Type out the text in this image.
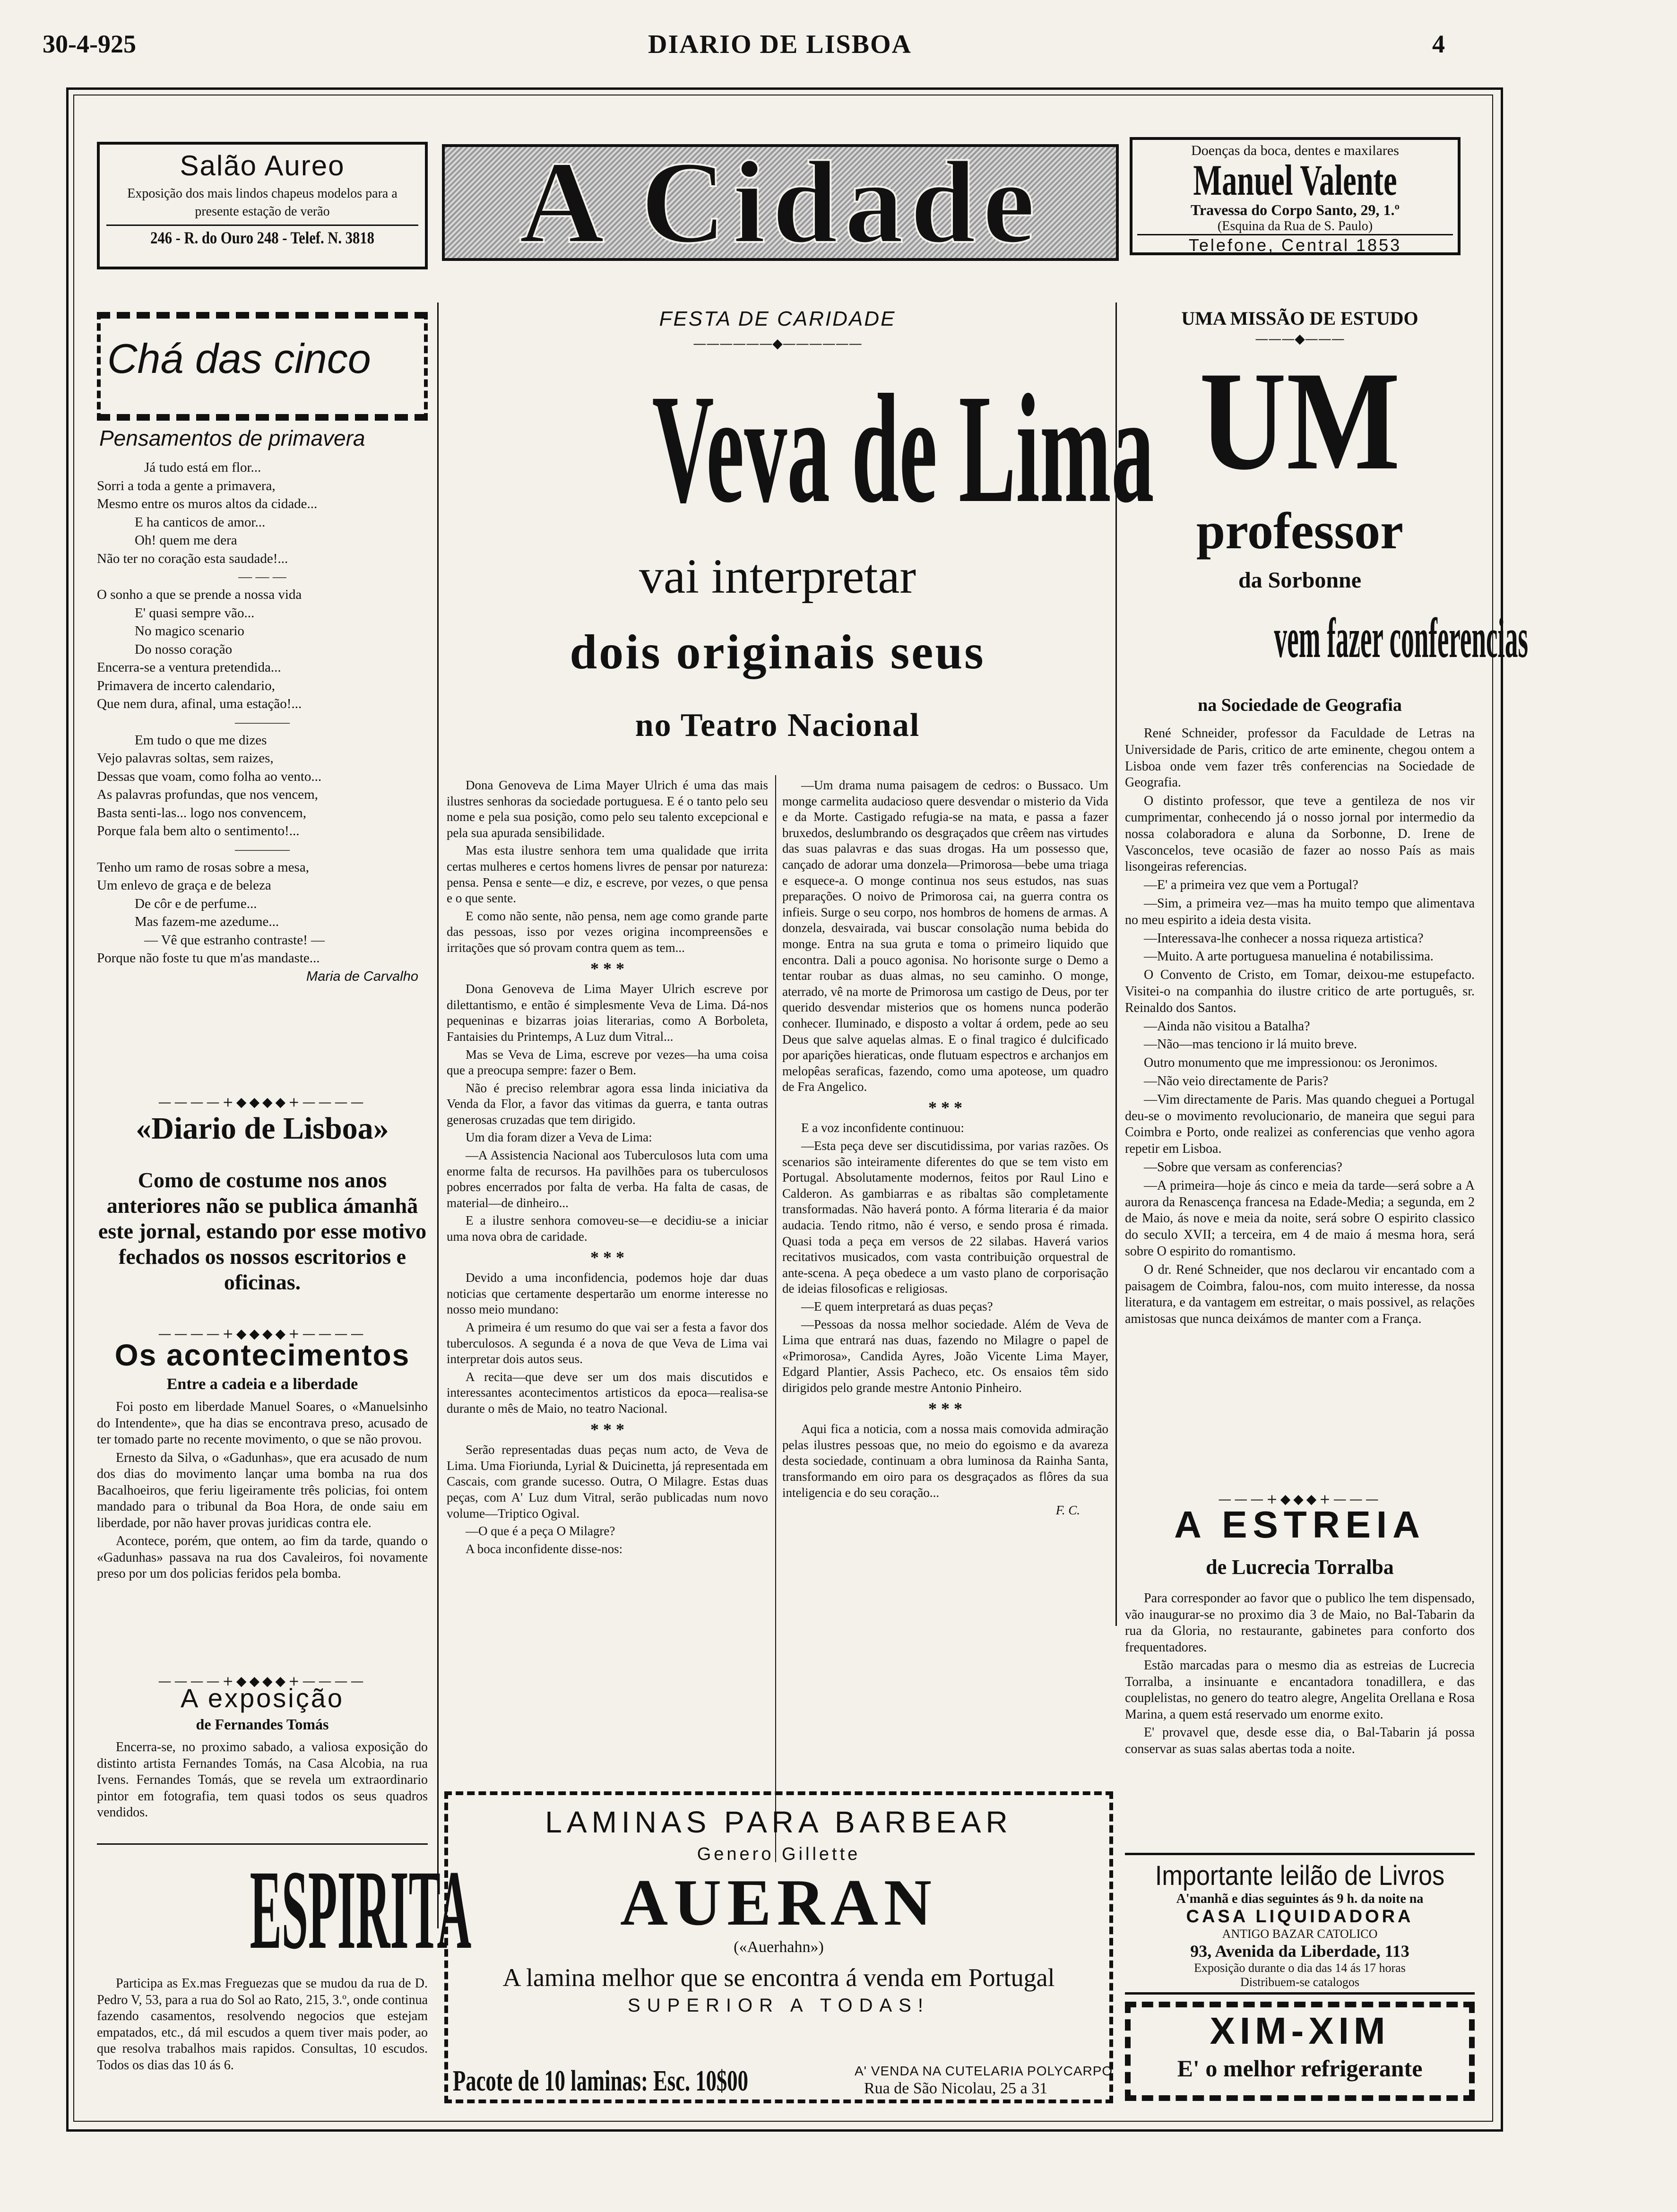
30-4-925	DIARIO DE LISBOA	4
Salão Aureo
Exposição dos mais lindos chapeus modelos para a presente estação de verão
246 - R. do Ouro 248 - Telef. N. 3818	A Cidade	Doenças da boca, dentes e maxilares
Manuel Valente
Travessa do Corpo Santo, 29, 1.º
(Esquina da Rua de S. Paulo)
Telefone, Central 1853
Chá das cinco
Pensamentos de primavera
Já tudo está em flor...
Sorri a toda a gente a primavera,
Mesmo entre os muros altos da cidade...
E ha canticos de amor...
Oh! quem me dera
Não ter no coração esta saudade!...
— — —
O sonho a que se prende a nossa vida
E' quasi sempre vão...
No magico scenario
Do nosso coração
Encerra-se a ventura pretendida...
Primavera de incerto calendario,
Que nem dura, afinal, uma estação!...
————
Em tudo o que me dizes
Vejo palavras soltas, sem raizes,
Dessas que voam, como folha ao vento...
As palavras profundas, que nos vencem,
Basta senti-las... logo nos convencem,
Porque fala bem alto o sentimento!...
————
Tenho um ramo de rosas sobre a mesa,
Um enlevo de graça e de beleza
De côr e de perfume...
Mas fazem-me azedume...
— Vê que estranho contraste! —
Porque não foste tu que m'as mandaste...
Maria de Carvalho
————+◆◆◆◆+————
«Diario de Lisboa»
Como de costume nos anos anteriores não se publica ámanhã este jornal, estando por esse motivo fechados os nossos escritorios e oficinas.
————+◆◆◆◆+————
Os acontecimentos
Entre a cadeia e a liberdade

Foi posto em liberdade Manuel Soares, o «Manuelsinho do Intendente», que ha dias se encontrava preso, acusado de ter tomado parte no recente movimento, o que se não provou.

Ernesto da Silva, o «Gadunhas», que era acusado de num dos dias do movimento lançar uma bomba na rua dos Bacalhoeiros, que feriu ligeiramente três policias, foi ontem mandado para o tribunal da Boa Hora, de onde saiu em liberdade, por não haver provas juridicas contra ele.

Acontece, porém, que ontem, ao fim da tarde, quando o «Gadunhas» passava na rua dos Cavaleiros, foi novamente preso por um dos policias feridos pela bomba.

————+◆◆◆◆+————
A exposição
de Fernandes Tomás

Encerra-se, no proximo sabado, a valiosa exposição do distinto artista Fernandes Tomás, na Casa Alcobia, na rua Ivens. Fernandes Tomás, que se revela um extraordinario pintor em fotografia, tem quasi todos os seus quadros vendidos.

ESPIRITA

Participa as Ex.mas Freguezas que se mudou da rua de D. Pedro V, 53, para a rua do Sol ao Rato, 215, 3.º, onde continua fazendo casamentos, resolvendo negocios que estejam empatados, etc., dá mil escudos a quem tiver mais poder, ao que resolva trabalhos mais rapidos. Consultas, 10 escudos. Todos os dias das 10 ás 6.

FESTA DE CARIDADE
——————◆——————
Veva de Lima
vai interpretar
dois originais seus
no Teatro Nacional

Dona Genoveva de Lima Mayer Ulrich é uma das mais ilustres senhoras da sociedade portuguesa. E é o tanto pelo seu nome e pela sua posição, como pelo seu talento excepcional e pela sua apurada sensibilidade.

Mas esta ilustre senhora tem uma qualidade que irrita certas mulheres e certos homens livres de pensar por natureza: pensa. Pensa e sente—e diz, e escreve, por vezes, o que pensa e o que sente.

E como não sente, não pensa, nem age como grande parte das pessoas, isso por vezes origina incompreensões e irritações que só provam contra quem as tem...

* * *

Dona Genoveva de Lima Mayer Ulrich escreve por dilettantismo, e então é simplesmente Veva de Lima. Dá-nos pequeninas e bizarras joias literarias, como A Borboleta, Fantaisies du Printemps, A Luz dum Vitral...

Mas se Veva de Lima, escreve por vezes—ha uma coisa que a preocupa sempre: fazer o Bem.

Não é preciso relembrar agora essa linda iniciativa da Venda da Flor, a favor das vitimas da guerra, e tanta outras generosas cruzadas que tem dirigido.

Um dia foram dizer a Veva de Lima:

—A Assistencia Nacional aos Tuberculosos luta com uma enorme falta de recursos. Ha pavilhões para os tuberculosos pobres encerrados por falta de verba. Ha falta de casas, de material—de dinheiro...

E a ilustre senhora comoveu-se—e decidiu-se a iniciar uma nova obra de caridade.

* * *

Devido a uma inconfidencia, podemos hoje dar duas noticias que certamente despertarão um enorme interesse no nosso meio mundano:

A primeira é um resumo do que vai ser a festa a favor dos tuberculosos. A segunda é a nova de que Veva de Lima vai interpretar dois autos seus.

A recita—que deve ser um dos mais discutidos e interessantes acontecimentos artisticos da epoca—realisa-se durante o mês de Maio, no teatro Nacional.

* * *

Serão representadas duas peças num acto, de Veva de Lima. Uma Fioriunda, Lyrial & Duicinetta, já representada em Cascais, com grande sucesso. Outra, O Milagre. Estas duas peças, com A' Luz dum Vitral, serão publicadas num novo volume—Triptico Ogival.

—O que é a peça O Milagre?

A boca inconfidente disse-nos:

—Um drama numa paisagem de cedros: o Bussaco. Um monge carmelita audacioso quere desvendar o misterio da Vida e da Morte. Castigado refugia-se na mata, e passa a fazer bruxedos, deslumbrando os desgraçados que crêem nas virtudes das suas palavras e das suas drogas. Ha um possesso que, cançado de adorar uma donzela—Primorosa—bebe uma triaga e esquece-a. O monge continua nos seus estudos, nas suas preparações. O noivo de Primorosa cai, na guerra contra os infieis. Surge o seu corpo, nos hombros de homens de armas. A donzela, desvairada, vai buscar consolação numa bebida do monge. Entra na sua gruta e toma o primeiro liquido que encontra. Dali a pouco agonisa. No horisonte surge o Demo a tentar roubar as duas almas, no seu caminho. O monge, aterrado, vê na morte de Primorosa um castigo de Deus, por ter querido desvendar misterios que os homens nunca poderão conhecer. Iluminado, e disposto a voltar á ordem, pede ao seu Deus que salve aquelas almas. E o final tragico é dulcificado por aparições hieraticas, onde flutuam espectros e archanjos em melopêas seraficas, fazendo, como uma apoteose, um quadro de Fra Angelico.

* * *

E a voz inconfidente continuou:

—Esta peça deve ser discutidissima, por varias razões. Os scenarios são inteiramente diferentes do que se tem visto em Portugal. Absolutamente modernos, feitos por Raul Lino e Calderon. As gambiarras e as ribaltas são completamente transformadas. Não haverá ponto. A fórma literaria é da maior audacia. Tendo ritmo, não é verso, e sendo prosa é rimada. Quasi toda a peça em versos de 22 silabas. Haverá varios recitativos musicados, com vasta contribuição orquestral de ante-scena. A peça obedece a um vasto plano de corporisação de ideias filosoficas e religiosas.

—E quem interpretará as duas peças?

—Pessoas da nossa melhor sociedade. Além de Veva de Lima que entrará nas duas, fazendo no Milagre o papel de «Primorosa», Candida Ayres, João Vicente Lima Mayer, Edgard Plantier, Assis Pacheco, etc. Os ensaios têm sido dirigidos pelo grande mestre Antonio Pinheiro.

* * *

Aqui fica a noticia, com a nossa mais comovida admiração pelas ilustres pessoas que, no meio do egoismo e da avareza desta sociedade, continuam a obra luminosa da Rainha Santa, transformando em oiro para os desgraçados as flôres da sua inteligencia e do seu coração...

F. C.
LAMINAS PARA BARBEAR
Genero Gillette
AUERAN
(«Auerhahn»)
A lamina melhor que se encontra á venda em Portugal
SUPERIOR A TODAS!
Pacote de 10 laminas: Esc. 10$00	A' VENDA NA CUTELARIA POLYCARPO
Rua de São Nicolau, 25 a 31
UMA MISSÃO DE ESTUDO
———◆———
UM
professor
da Sorbonne
vem fazer conferencias
na Sociedade de Geografia

René Schneider, professor da Faculdade de Letras na Universidade de Paris, critico de arte eminente, chegou ontem a Lisboa onde vem fazer três conferencias na Sociedade de Geografia.

O distinto professor, que teve a gentileza de nos vir cumprimentar, conhecendo já o nosso jornal por intermedio da nossa colaboradora e aluna da Sorbonne, D. Irene de Vasconcelos, teve ocasião de fazer ao nosso País as mais lisongeiras referencias.

—E' a primeira vez que vem a Portugal?

—Sim, a primeira vez—mas ha muito tempo que alimentava no meu espirito a ideia desta visita.

—Interessava-lhe conhecer a nossa riqueza artistica?

—Muito. A arte portuguesa manuelina é notabilissima.

O Convento de Cristo, em Tomar, deixou-me estupefacto. Visitei-o na companhia do ilustre critico de arte português, sr. Reinaldo dos Santos.

—Ainda não visitou a Batalha?

—Não—mas tenciono ir lá muito breve.

Outro monumento que me impressionou: os Jeronimos.

—Não veio directamente de Paris?

—Vim directamente de Paris. Mas quando cheguei a Portugal deu-se o movimento revolucionario, de maneira que segui para Coimbra e Porto, onde realizei as conferencias que venho agora repetir em Lisboa.

—Sobre que versam as conferencias?

—A primeira—hoje ás cinco e meia da tarde—será sobre a A aurora da Renascença francesa na Edade-Media; a segunda, em 2 de Maio, ás nove e meia da noite, será sobre O espirito classico do seculo XVII; a terceira, em 4 de maio á mesma hora, será sobre O espirito do romantismo.

O dr. René Schneider, que nos declarou vir encantado com a paisagem de Coimbra, falou-nos, com muito interesse, da nossa literatura, e da vantagem em estreitar, o mais possivel, as relações amistosas que nunca deixámos de manter com a França.

———+◆◆◆+———
A ESTREIA
de Lucrecia Torralba

Para corresponder ao favor que o publico lhe tem dispensado, vão inaugurar-se no proximo dia 3 de Maio, no Bal-Tabarin da rua da Gloria, no restaurante, gabinetes para conforto dos frequentadores.

Estão marcadas para o mesmo dia as estreias de Lucrecia Torralba, a insinuante e encantadora tonadillera, e das couplelistas, no genero do teatro alegre, Angelita Orellana e Rosa Marina, a quem está reservado um enorme exito.

E' provavel que, desde esse dia, o Bal-Tabarin já possa conservar as suas salas abertas toda a noite.

Importante leilão de Livros
A'manhã e dias seguintes ás 9 h. da noite na
CASA LIQUIDADORA
ANTIGO BAZAR CATOLICO
93, Avenida da Liberdade, 113
Exposição durante o dia das 14 ás 17 horas
Distribuem-se catalogos
XIM-XIM
E' o melhor refrigerante
